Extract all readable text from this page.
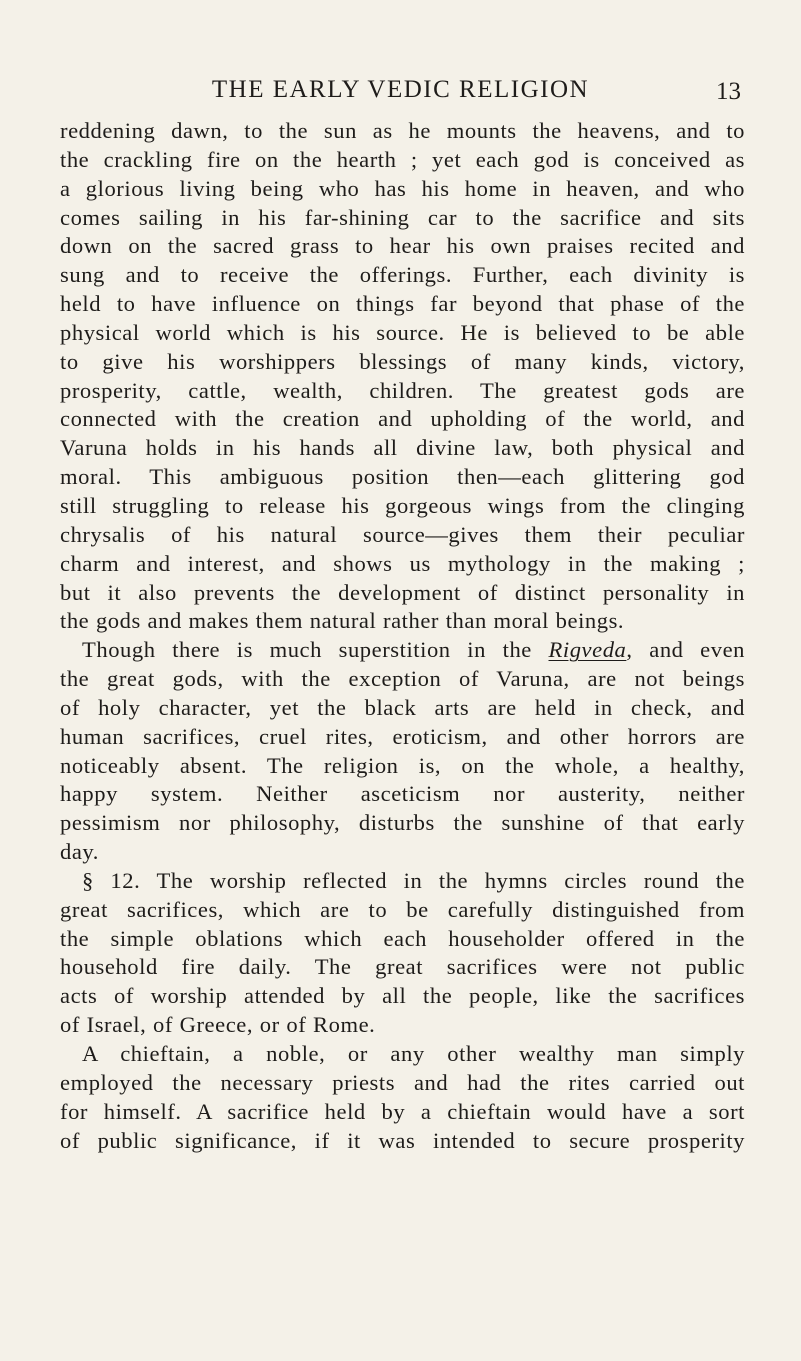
THE EARLY VEDIC RELIGION	13
reddening dawn, to the sun as he mounts the heavens, and to
the crackling fire on the hearth ; yet each god is conceived as
a glorious living being who has his home in heaven, and who
comes sailing in his far-shining car to the sacrifice and sits
down on the sacred grass to hear his own praises recited and
sung and to receive the offerings. Further, each divinity is
held to have influence on things far beyond that phase of the
physical world which is his source. He is believed to be able
to give his worshippers blessings of many kinds, victory,
prosperity, cattle, wealth, children. The greatest gods are
connected with the creation and upholding of the world, and
Varuna holds in his hands all divine law, both physical and
moral. This ambiguous position then—each glittering god
still struggling to release his gorgeous wings from the clinging
chrysalis of his natural source—gives them their peculiar
charm and interest, and shows us mythology in the making ;
but it also prevents the development of distinct personality in
the gods and makes them natural rather than moral beings.
Though there is much superstition in the Rigveda, and even
the great gods, with the exception of Varuna, are not beings
of holy character, yet the black arts are held in check, and
human sacrifices, cruel rites, eroticism, and other horrors are
noticeably absent. The religion is, on the whole, a healthy,
happy system. Neither asceticism nor austerity, neither
pessimism nor philosophy, disturbs the sunshine of that early
day.
§ 12. The worship reflected in the hymns circles round the
great sacrifices, which are to be carefully distinguished from
the simple oblations which each householder offered in the
household fire daily. The great sacrifices were not public
acts of worship attended by all the people, like the sacrifices
of Israel, of Greece, or of Rome.
A chieftain, a noble, or any other wealthy man simply
employed the necessary priests and had the rites carried out
for himself. A sacrifice held by a chieftain would have a sort
of public significance, if it was intended to secure prosperity
